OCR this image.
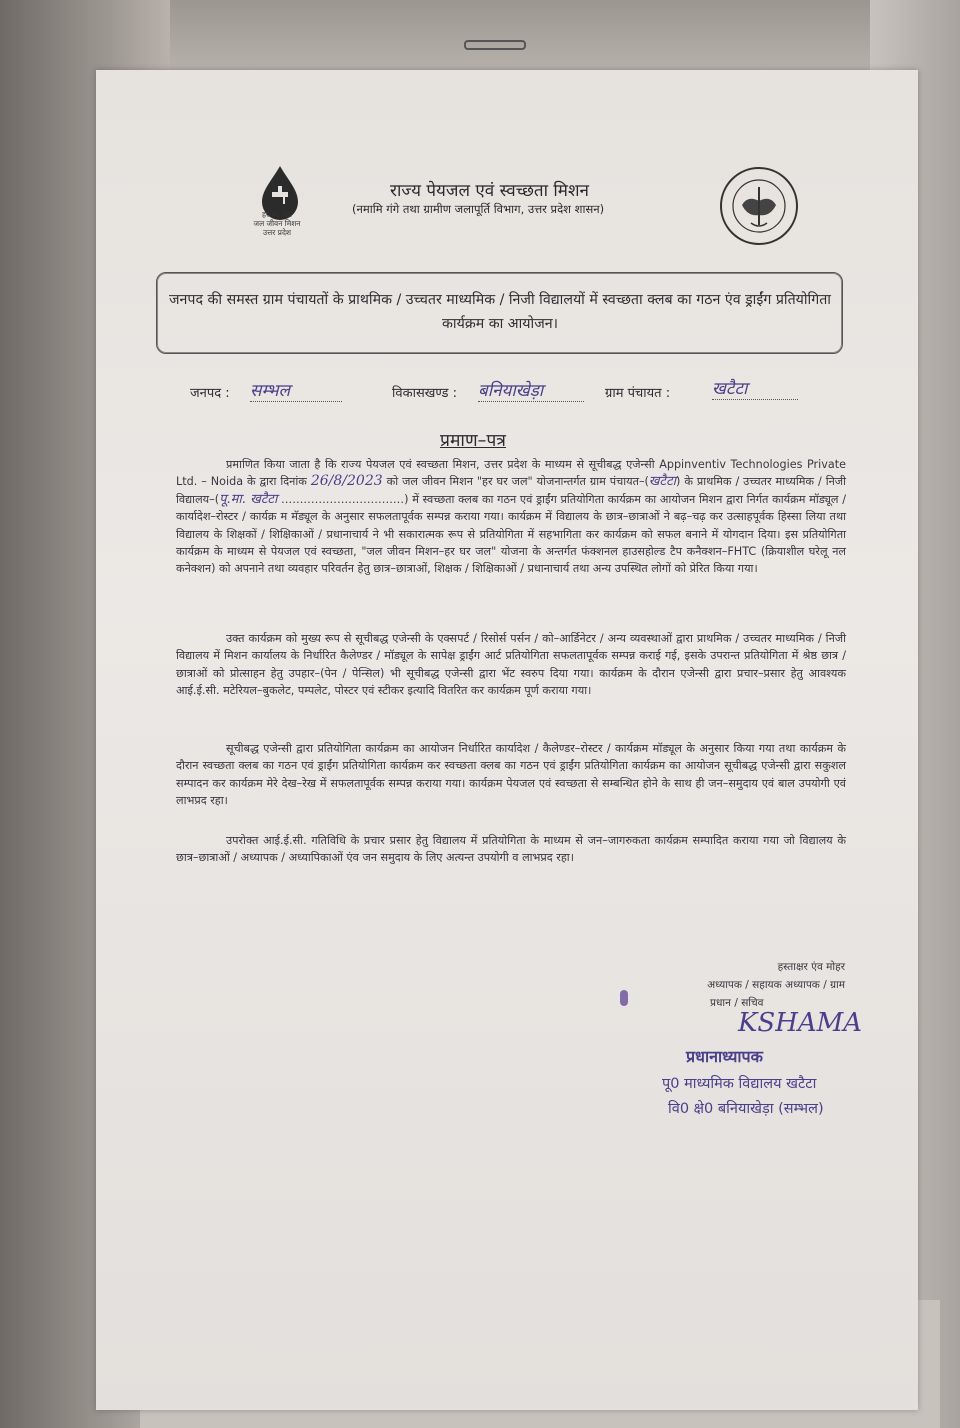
हर घर जल
जल जीवन मिशन
उत्तर प्रदेश
राज्य पेयजल एवं स्वच्छता मिशन
(नमामि गंगे तथा ग्रामीण जलापूर्ति विभाग, उत्तर प्रदेश शासन)
जनपद की समस्त ग्राम पंचायतों के प्राथमिक / उच्चतर माध्यमिक / निजी विद्यालयों में स्वच्छता क्लब का गठन एंव ड्राईंग प्रतियोगिता कार्यक्रम का आयोजन।
जनपद : सम्भल	विकासखण्ड : बनियाखेड़ा	ग्राम पंचायत : खटैटा
प्रमाण–पत्र
प्रमाणित किया जाता है कि राज्य पेयजल एवं स्वच्छता मिशन, उत्तर प्रदेश के माध्यम से सूचीबद्ध एजेन्सी Appinventiv Technologies Private Ltd. – Noida के द्वारा दिनांक 26/8/2023 को जल जीवन मिशन "हर घर जल" योजनान्तर्गत ग्राम पंचायत–(खटैटा) के प्राथमिक / उच्चतर माध्यमिक / निजी विद्यालय–(पू.मा. खटैटा ……………………………) में स्वच्छता क्लब का गठन एवं ड्राईंग प्रतियोगिता कार्यक्रम का आयोजन मिशन द्वारा निर्गत कार्यक्रम मॉड्यूल / कार्यादेश–रोस्टर / कार्यक्र म मॅड्यूल के अनुसार सफलतापूर्वक सम्पन्न कराया गया। कार्यक्रम में विद्यालय के छात्र–छात्राओं ने बढ़–चढ़ कर उत्साहपूर्वक हिस्सा लिया तथा विद्यालय के शिक्षकों / शिक्षिकाओं / प्रधानाचार्य ने भी सकारात्मक रूप से प्रतियोगिता में सहभागिता कर कार्यक्रम को सफल बनाने में योगदान दिया। इस प्रतियोगिता कार्यक्रम के माध्यम से पेयजल एवं स्वच्छता, "जल जीवन मिशन–हर घर जल" योजना के अन्तर्गत फंक्शनल हाउसहोल्ड टैप कनैक्शन–FHTC (क्रियाशील घरेलू नल कनेक्शन) को अपनाने तथा व्यवहार परिवर्तन हेतु छात्र–छात्राओं, शिक्षक / शिक्षिकाओं / प्रधानाचार्य तथा अन्य उपस्थित लोगों को प्रेरित किया गया।
उक्त कार्यक्रम को मुख्य रूप से सूचीबद्ध एजेन्सी के एक्सपर्ट / रिसोर्स पर्सन / को–आर्डिनेटर / अन्य व्यवस्थाओं द्वारा प्राथमिक / उच्चतर माध्यमिक / निजी विद्यालय में मिशन कार्यालय के निर्धारित कैलेण्डर / मॉड्यूल के सापेक्ष ड्राईंग आर्ट प्रतियोगिता सफलतापूर्वक सम्पन्न कराई गई, इसके उपरान्त प्रतियोगिता में श्रेष्ठ छात्र / छात्राओं को प्रोत्साहन हेतु उपहार–(पेन / पेन्सिल) भी सूचीबद्ध एजेन्सी द्वारा भेंट स्वरुप दिया गया। कार्यक्रम के दौरान एजेन्सी द्वारा प्रचार–प्रसार हेतु आवश्यक आई.ई.सी. मटेरियल–बुकलेट, पम्पलेट, पोस्टर एवं स्टीकर इत्यादि वितरित कर कार्यक्रम पूर्ण कराया गया।
सूचीबद्ध एजेन्सी द्वारा प्रतियोगिता कार्यक्रम का आयोजन निर्धारित कार्यादेश / कैलेण्डर–रोस्टर / कार्यक्रम मॉड्यूल के अनुसार किया गया तथा कार्यक्रम के दौरान स्वच्छता क्लब का गठन एवं ड्राईंग प्रतियोगिता कार्यक्रम कर स्वच्छता क्लब का गठन एवं ड्राईंग प्रतियोगिता कार्यक्रम का आयोजन सूचीबद्ध एजेन्सी द्वारा सकुशल सम्पादन कर कार्यक्रम मेरे देख–रेख में सफलतापूर्वक सम्पन्न कराया गया। कार्यक्रम पेयजल एवं स्वच्छता से सम्बन्धित होने के साथ ही जन–समुदाय एवं बाल उपयोगी एवं लाभप्रद रहा।
उपरोक्त आई.ई.सी. गतिविधि के प्रचार प्रसार हेतु विद्यालय में प्रतियोगिता के माध्यम से जन–जागरुकता कार्यक्रम सम्पादित कराया गया जो विद्यालय के छात्र–छात्राओं / अध्यापक / अध्यापिकाओं एंव जन समुदाय के लिए अत्यन्त उपयोगी व लाभप्रद रहा।
हस्ताक्षर एंव मोहर
अध्यापक / सहायक अध्यापक / ग्राम
प्रधान / सचिव
KSHAMA
प्रधानाध्यापक
पू0 माध्यमिक विद्यालय खटैटा
वि0 क्षे0 बनियाखेड़ा (सम्भल)
